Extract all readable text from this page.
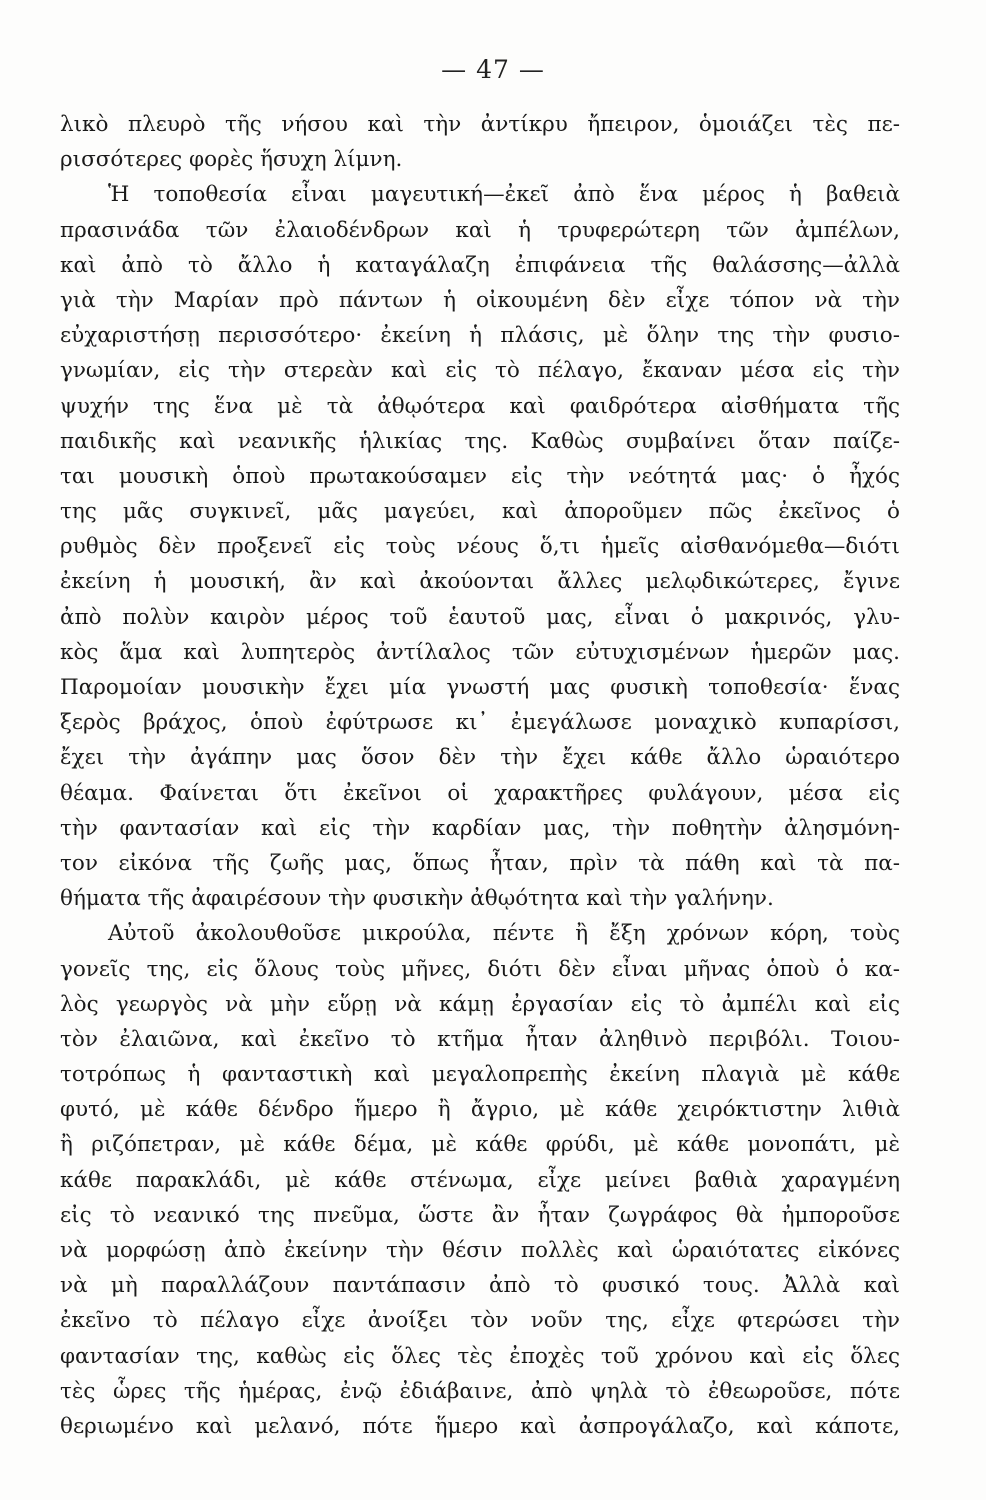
— 47 —
λικὸ πλευρὸ τῆς νήσου καὶ τὴν ἀντίκρυ ἤπειρον, ὁμοιάζει τὲς πε-
ρισσότερες φορὲς ἥσυχη λίμνη.
Ἡ τοποθεσία εἶναι μαγευτική—ἐκεῖ ἀπὸ ἕνα μέρος ἡ βαθειὰ
πρασινάδα τῶν ἐλαιοδένδρων καὶ ἡ τρυφερώτερη τῶν ἀμπέλων,
καὶ ἀπὸ τὸ ἄλλο ἡ καταγάλαζη ἐπιφάνεια τῆς θαλάσσης—ἀλλὰ
γιὰ τὴν Μαρίαν πρὸ πάντων ἡ οἰκουμένη δὲν εἶχε τόπον νὰ τὴν
εὐχαριστήσῃ περισσότερο· ἐκείνη ἡ πλάσις, μὲ ὅλην της τὴν φυσιο-
γνωμίαν, εἰς τὴν στερεὰν καὶ εἰς τὸ πέλαγο, ἔκαναν μέσα εἰς τὴν
ψυχήν της ἕνα μὲ τὰ ἀθῳότερα καὶ φαιδρότερα αἰσθήματα τῆς
παιδικῆς καὶ νεανικῆς ἡλικίας της. Καθὼς συμβαίνει ὅταν παίζε-
ται μουσικὴ ὁποὺ πρωτακούσαμεν εἰς τὴν νεότητά μας· ὁ ἦχός
της μᾶς συγκινεῖ, μᾶς μαγεύει, καὶ ἀποροῦμεν πῶς ἐκεῖνος ὁ
ρυθμὸς δὲν προξενεῖ εἰς τοὺς νέους ὅ,τι ἡμεῖς αἰσθανόμεθα—διότι
ἐκείνη ἡ μουσική, ἂν καὶ ἀκούονται ἄλλες μελῳδικώτερες, ἔγινε
ἀπὸ πολὺν καιρὸν μέρος τοῦ ἑαυτοῦ μας, εἶναι ὁ μακρινός, γλυ-
κὸς ἅμα καὶ λυπητερὸς ἀντίλαλος τῶν εὐτυχισμένων ἡμερῶν μας.
Παρομοίαν μουσικὴν ἔχει μία γνωστή μας φυσικὴ τοποθεσία· ἕνας
ξερὸς βράχος, ὁποὺ ἐφύτρωσε κι᾽ ἐμεγάλωσε μοναχικὸ κυπαρίσσι,
ἔχει τὴν ἀγάπην μας ὅσον δὲν τὴν ἔχει κάθε ἄλλο ὡραιότερο
θέαμα. Φαίνεται ὅτι ἐκεῖνοι οἱ χαρακτῆρες φυλάγουν, μέσα εἰς
τὴν φαντασίαν καὶ εἰς τὴν καρδίαν μας, τὴν ποθητὴν ἀλησμόνη-
τον εἰκόνα τῆς ζωῆς μας, ὅπως ἦταν, πρὶν τὰ πάθη καὶ τὰ πα-
θήματα τῆς ἀφαιρέσουν τὴν φυσικὴν ἀθῳότητα καὶ τὴν γαλήνην.
Αὐτοῦ ἀκολουθοῦσε μικρούλα, πέντε ἢ ἔξη χρόνων κόρη, τοὺς
γονεῖς της, εἰς ὅλους τοὺς μῆνες, διότι δὲν εἶναι μῆνας ὁποὺ ὁ κα-
λὸς γεωργὸς νὰ μὴν εὕρῃ νὰ κάμῃ ἐργασίαν εἰς τὸ ἀμπέλι καὶ εἰς
τὸν ἐλαιῶνα, καὶ ἐκεῖνο τὸ κτῆμα ἦταν ἀληθινὸ περιβόλι. Τοιου-
τοτρόπως ἡ φανταστικὴ καὶ μεγαλοπρεπὴς ἐκείνη πλαγιὰ μὲ κάθε
φυτό, μὲ κάθε δένδρο ἥμερο ἢ ἄγριο, μὲ κάθε χειρόκτιστην λιθιὰ
ἢ ριζόπετραν, μὲ κάθε δέμα, μὲ κάθε φρύδι, μὲ κάθε μονοπάτι, μὲ
κάθε παρακλάδι, μὲ κάθε στένωμα, εἶχε μείνει βαθιὰ χαραγμένη
εἰς τὸ νεανικό της πνεῦμα, ὥστε ἂν ἦταν ζωγράφος θὰ ἠμποροῦσε
νὰ μορφώσῃ ἀπὸ ἐκείνην τὴν θέσιν πολλὲς καὶ ὡραιότατες εἰκόνες
νὰ μὴ παραλλάζουν παντάπασιν ἀπὸ τὸ φυσικό τους. Ἀλλὰ καὶ
ἐκεῖνο τὸ πέλαγο εἶχε ἀνοίξει τὸν νοῦν της, εἶχε φτερώσει τὴν
φαντασίαν της, καθὼς εἰς ὅλες τὲς ἐποχὲς τοῦ χρόνου καὶ εἰς ὅλες
τὲς ὧρες τῆς ἡμέρας, ἐνῷ ἐδιάβαινε, ἀπὸ ψηλὰ τὸ ἐθεωροῦσε, πότε
θεριωμένο καὶ μελανό, πότε ἥμερο καὶ ἀσπρογάλαζο, καὶ κάποτε,
